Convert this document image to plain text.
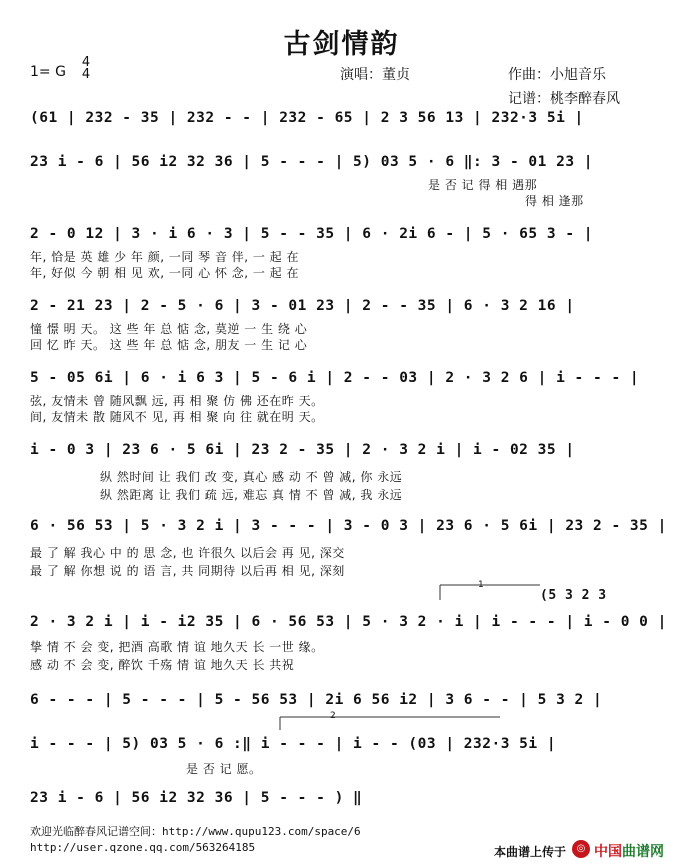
古剑情韵
1= G
4
4	演唱：董贞	作曲：小旭音乐
记谱：桃李醉春风
(61 | 232 - 35 | 232 - - | 232 - 65 | 2 3 56 13 | 232·3 5i |
23 i - 6 | 56 i2 32 36 | 5 - - - | 5) 03 5 · 6 ‖: 3 - 01 23 |
是 否 记 得 相 遇那
得 相 逢那
2 - 0 12 | 3 · i 6 · 3 | 5 - - 35 | 6 · 2i 6 - | 5 · 65 3 - |
年, 恰是 英 雄 少 年 颜, 一同 琴 音 伴, 一 起 在
年, 好似 今 朝 相 见 欢, 一同 心 怀 念, 一 起 在
2 - 21 23 | 2 - 5 · 6 | 3 - 01 23 | 2 - - 35 | 6 · 3 2 16 |
憧 憬 明 天。 这 些 年 总 惦 念, 莫逆 一 生 绕 心
回 忆 昨 天。 这 些 年 总 惦 念, 朋友 一 生 记 心
5 - 05 6i | 6 · i 6 3 | 5 - 6 i | 2 - - 03 | 2 · 3 2 6 | i - - - |
弦, 友情未 曾 随风飘 远, 再 相 聚 仿 佛 还在昨 天。
间, 友情未 散 随风不 见, 再 相 聚 向 往 就在明 天。
i - 0 3 | 23 6 · 5 6i | 23 2 - 35 | 2 · 3 2 i | i - 02 35 |
纵 然时间 让 我们 改 变, 真心 感 动 不 曾 减, 你 永远
纵 然距离 让 我们 疏 远, 难忘 真 情 不 曾 减, 我 永远
6 · 56 53 | 5 · 3 2 i | 3 - - - | 3 - 0 3 | 23 6 · 5 6i | 23 2 - 35 |
最 了 解 我心 中 的 思 念, 也 许很久 以后会 再 见, 深交
最 了 解 你想 说 的 语 言, 共 同期待 以后再 相 见, 深刻
1
(5 3 2 3
2 · 3 2 i | i - i2 35 | 6 · 56 53 | 5 · 3 2 · i | i - - - | i - 0 0 |
挚 情 不 会 变, 把酒 高歌 情 谊 地久天 长 一世 缘。
感 动 不 会 变, 醉饮 千殇 情 谊 地久天 长 共祝
6 - - - | 5 - - - | 5 - 56 53 | 2i 6 56 i2 | 3 6 - - | 5 3 2 |
2
i - - - | 5) 03 5 · 6 :‖ i - - - | i - - (03 | 232·3 5i |
是 否 记 愿。
23 i - 6 | 56 i2 32 36 | 5 - - - ) ‖
欢迎光临醉春风记谱空间：http://www.qupu123.com/space/6
http://user.qzone.qq.com/563264185	本曲谱上传于	◎ 中国曲谱网
